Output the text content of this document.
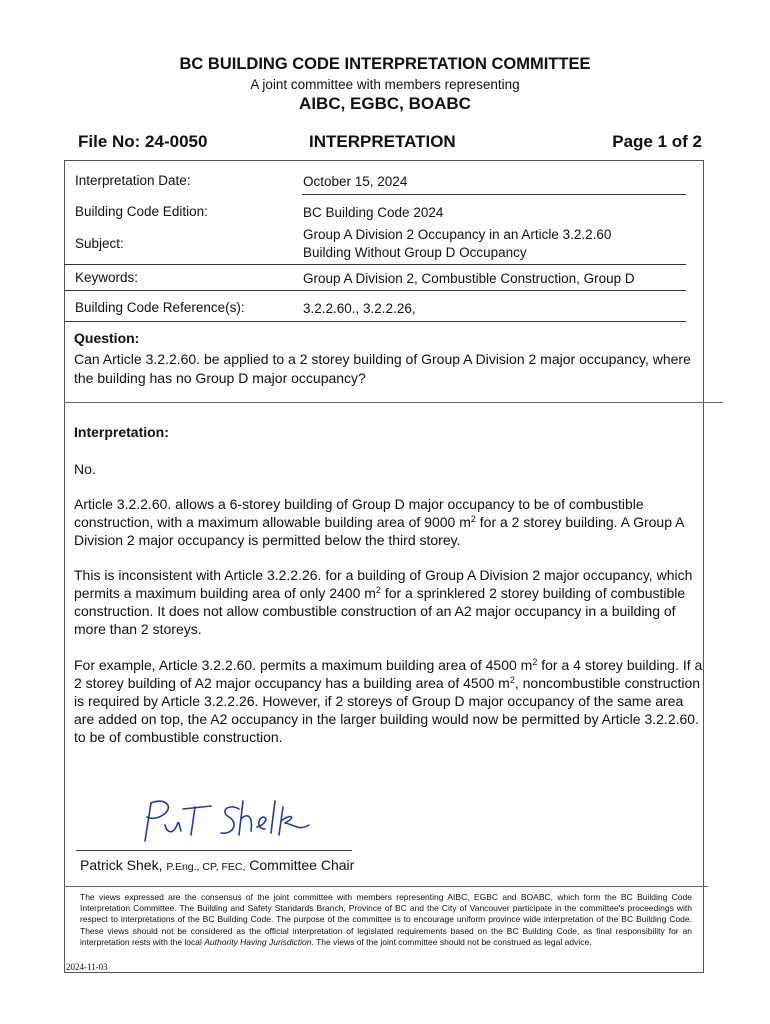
BC BUILDING CODE INTERPRETATION COMMITTEE
A joint committee with members representing
AIBC, EGBC, BOABC
File No: 24-0050	INTERPRETATION	Page 1 of 2
Interpretation Date:	October 15, 2024
Building Code Edition:	BC Building Code 2024
Subject:
Group A Division 2 Occupancy in an Article 3.2.2.60
Building Without Group D Occupancy
Keywords:	Group A Division 2, Combustible Construction, Group D
Building Code Reference(s):	3.2.2.60., 3.2.2.26,
Question:
Can Article 3.2.2.60. be applied to a 2 storey building of Group A Division 2 major occupancy, where the building has no Group D major occupancy?
Interpretation:
No.
Article 3.2.2.60. allows a 6-storey building of Group D major occupancy to be of combustible construction, with a maximum allowable building area of 9000 $m^2$ for a 2 storey building. A Group A Division 2 major occupancy is permitted below the third storey.
This is inconsistent with Article 3.2.2.26. for a building of Group A Division 2 major occupancy, which permits a maximum building area of only 2400 $m^2$ for a sprinklered 2 storey building of combustible construction. It does not allow combustible construction of an A2 major occupancy in a building of more than 2 storeys.
For example, Article 3.2.2.60. permits a maximum building area of 4500 $m^2$ for a 4 storey building. If a 2 storey building of A2 major occupancy has a building area of 4500 $m^2$, noncombustible construction is required by Article 3.2.2.26. However, if 2 storeys of Group D major occupancy of the same area are added on top, the A2 occupancy in the larger building would now be permitted by Article 3.2.2.60. to be of combustible construction.
Patrick Shek, P.Eng., CP, FEC, Committee Chair
The views expressed are the consensus of the joint committee with members representing AIBC, EGBC and BOABC, which form the BC Building Code Interpretation Committee. The Building and Safety Standards Branch, Province of BC and the City of Vancouver participate in the committee's proceedings with respect to interpretations of the BC Building Code. The purpose of the committee is to encourage uniform province wide interpretation of the BC Building Code. These views should not be considered as the official interpretation of legislated requirements based on the BC Building Code, as final responsibility for an interpretation rests with the local Authority Having Jurisdiction. The views of the joint committee should not be construed as legal advice.
2024-11-03
